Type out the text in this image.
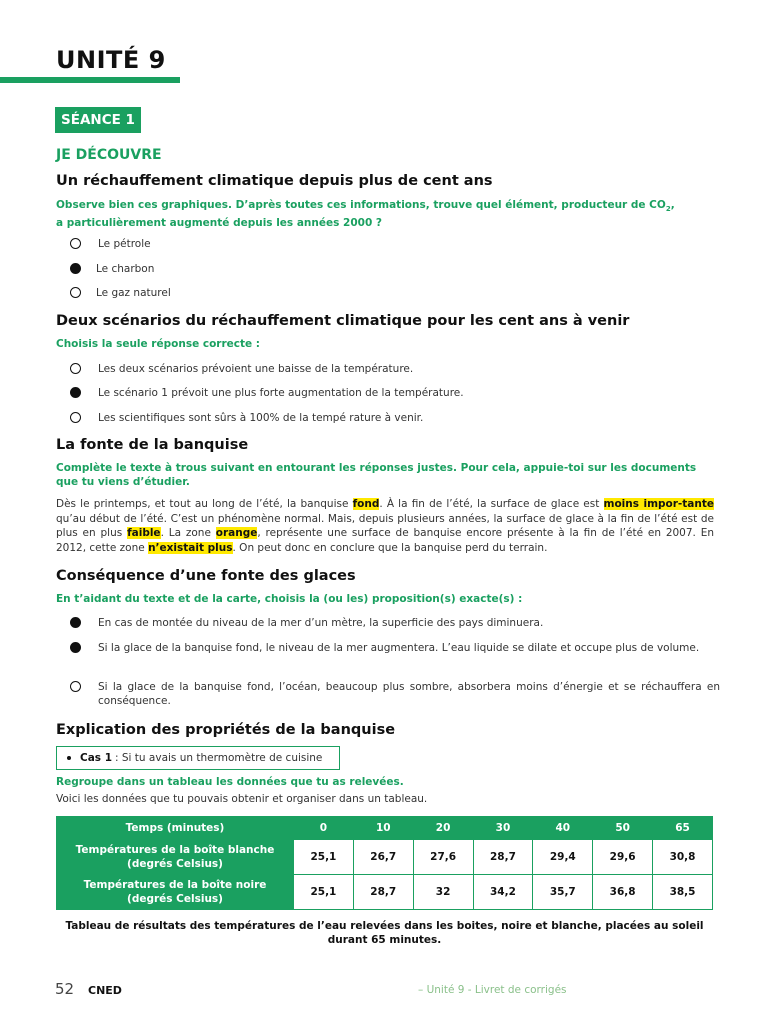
UNITÉ 9
SÉANCE 1
JE DÉCOUVRE
Un réchauffement climatique depuis plus de cent ans
Observe bien ces graphiques. D’après toutes ces informations, trouve quel élément, producteur de $CO_2$,
a particulièrement augmenté depuis les années 2000 ?
Le pétrole
Le charbon
Le gaz naturel
Deux scénarios du réchauffement climatique pour les cent ans à venir
Choisis la seule réponse correcte :
Les deux scénarios prévoient une baisse de la température.
Le scénario 1 prévoit une plus forte augmentation de la température.
Les scientifiques sont sûrs à 100% de la tempé rature à venir.
La fonte de la banquise
Complète le texte à trous suivant en entourant les réponses justes. Pour cela, appuie-toi sur les documents que tu viens d’étudier.
Dès le printemps, et tout au long de l’été, la banquise fond. À la fin de l’été, la surface de glace est moins impor-tante qu’au début de l’été. C’est un phénomène normal. Mais, depuis plusieurs années, la surface de glace à la fin de l’été est de plus en plus faible. La zone orange, représente une surface de banquise encore présente à la fin de l’été en 2007. En 2012, cette zone n’existait plus. On peut donc en conclure que la banquise perd du terrain.
Conséquence d’une fonte des glaces
En t’aidant du texte et de la carte, choisis la (ou les) proposition(s) exacte(s) :
En cas de montée du niveau de la mer d’un mètre, la superficie des pays diminuera.
Si la glace de la banquise fond, le niveau de la mer augmentera. L’eau liquide se dilate et occupe plus de volume.
Si la glace de la banquise fond, l’océan, beaucoup plus sombre, absorbera moins d’énergie et se réchauffera en conséquence.
Explication des propriétés de la banquise
Cas 1 : Si tu avais un thermomètre de cuisine
Regroupe dans un tableau les données que tu as relevées.
Voici les données que tu pouvais obtenir et organiser dans un tableau.
Temps (minutes)	0	10	20	30	40	50	65
Températures de la boîte blanche
(degrés Celsius)	25,1	26,7	27,6	28,7	29,4	29,6	30,8
Températures de la boîte noire
(degrés Celsius)	25,1	28,7	32	34,2	35,7	36,8	38,5
Tableau de résultats des températures de l’eau relevées dans les boites, noire et blanche, placées au soleil
durant 65 minutes.
52 CNED	– Unité 9 - Livret de corrigés
